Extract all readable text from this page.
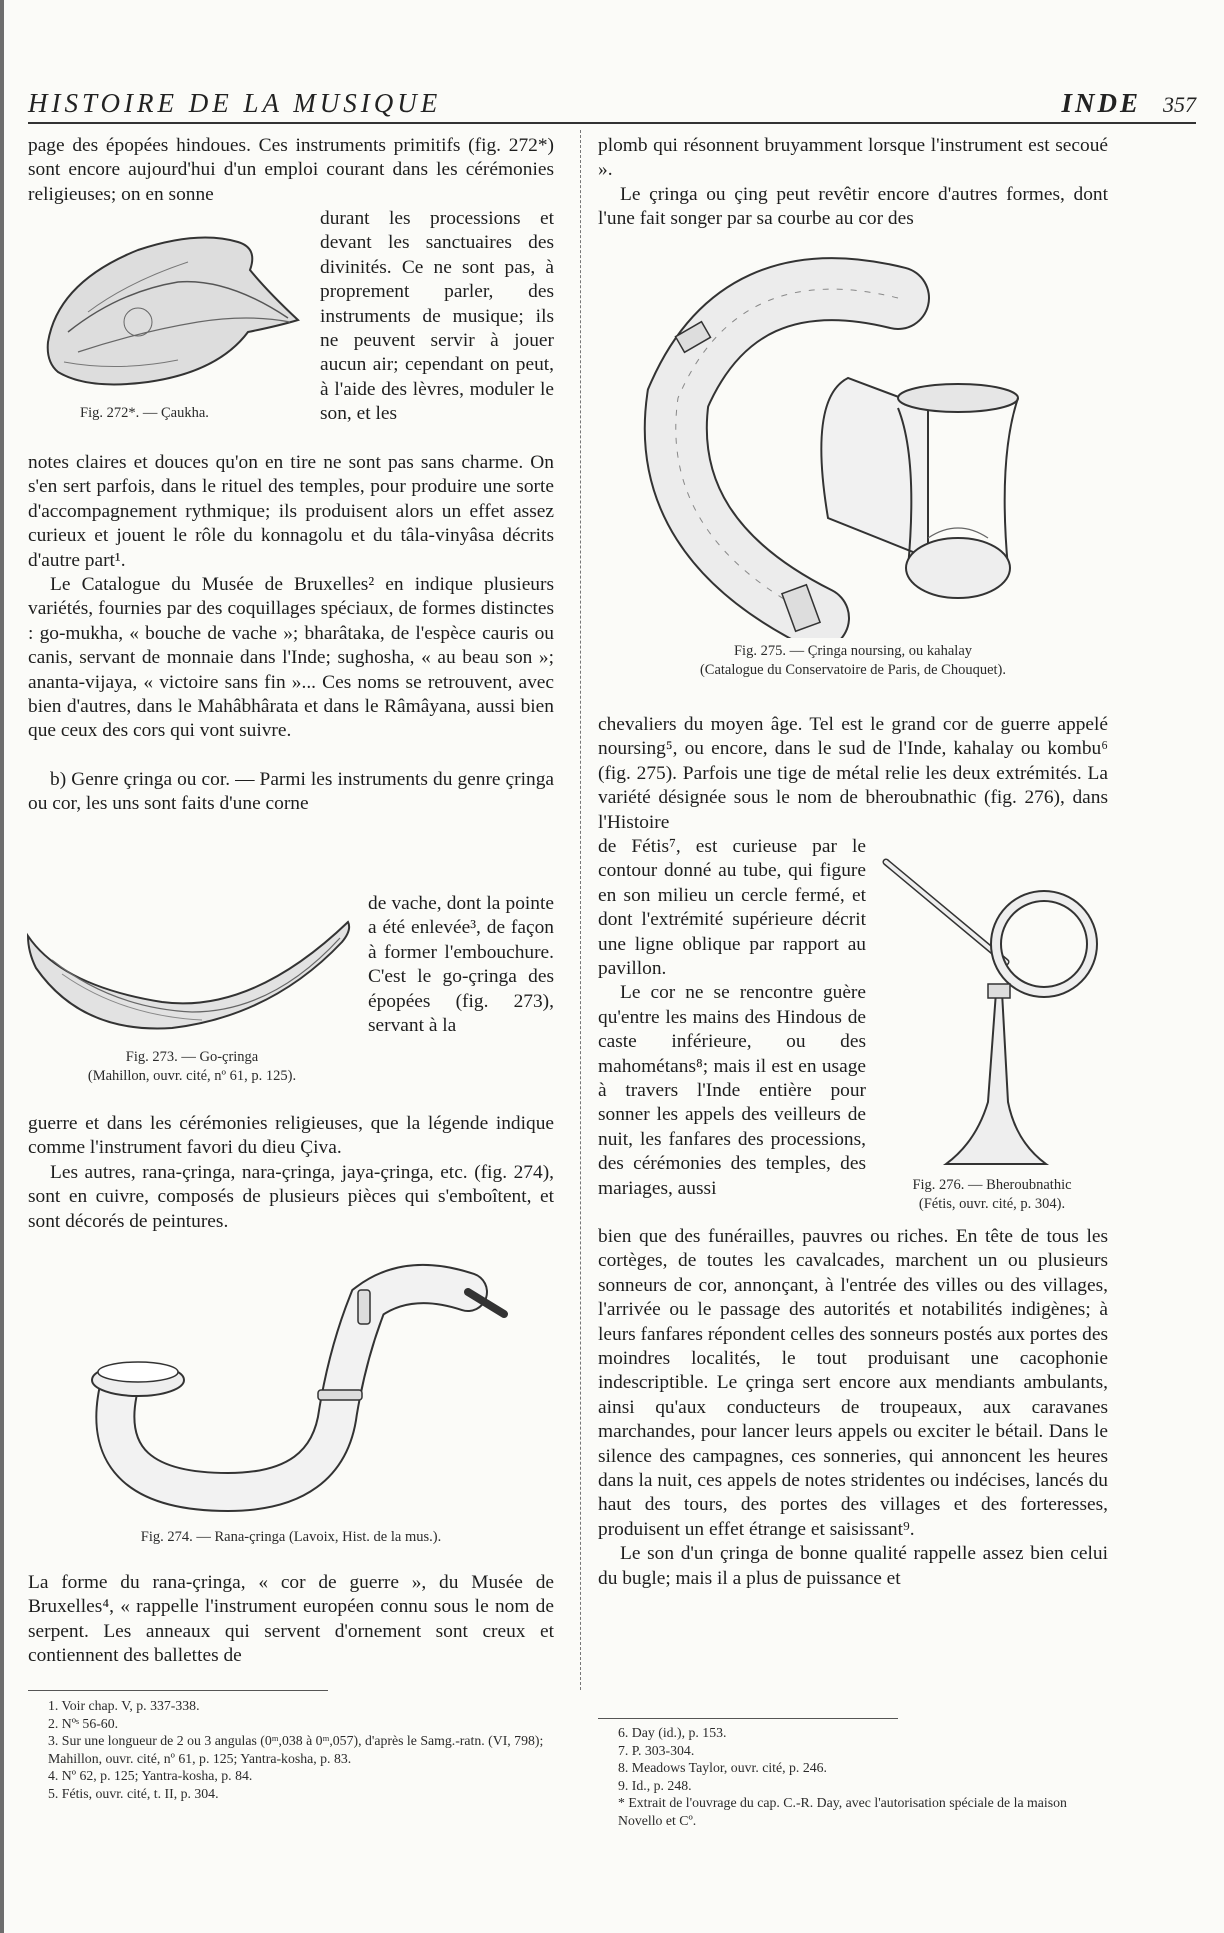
HISTOIRE DE LA MUSIQUE	INDE 357

page des épopées hindoues. Ces instruments primitifs (fig. 272*) sont encore aujourd'hui d'un emploi courant dans les cérémonies religieuses; on en sonne

Fig. 272*. — Çaukha.

durant les processions et devant les sanctuaires des divinités. Ce ne sont pas, à proprement parler, des instruments de musique; ils ne peuvent servir à jouer aucun air; cependant on peut, à l'aide des lèvres, moduler le son, et les

notes claires et douces qu'on en tire ne sont pas sans charme. On s'en sert parfois, dans le rituel des temples, pour produire une sorte d'accompagnement rythmique; ils produisent alors un effet assez curieux et jouent le rôle du konnagolu et du tâla-vinyâsa décrits d'autre part¹.

Le Catalogue du Musée de Bruxelles² en indique plusieurs variétés, fournies par des coquillages spéciaux, de formes distinctes : go-mukha, « bouche de vache »; bharâtaka, de l'espèce cauris ou canis, servant de monnaie dans l'Inde; sughosha, « au beau son »; ananta-vijaya, « victoire sans fin »... Ces noms se retrouvent, avec bien d'autres, dans le Mahâbhârata et dans le Râmâyana, aussi bien que ceux des cors qui vont suivre.

b) Genre çringa ou cor. — Parmi les instruments du genre çringa ou cor, les uns sont faits d'une corne

Fig. 273. — Go-çringa
(Mahillon, ouvr. cité, nº 61, p. 125).

de vache, dont la pointe a été enlevée³, de façon à former l'embouchure. C'est le go-çringa des épopées (fig. 273), servant à la

guerre et dans les cérémonies religieuses, que la légende indique comme l'instrument favori du dieu Çiva.

Les autres, rana-çringa, nara-çringa, jaya-çringa, etc. (fig. 274), sont en cuivre, composés de plusieurs pièces qui s'emboîtent, et sont décorés de peintures.

Fig. 274. — Rana-çringa (Lavoix, Hist. de la mus.).

La forme du rana-çringa, « cor de guerre », du Musée de Bruxelles⁴, « rappelle l'instrument européen connu sous le nom de serpent. Les anneaux qui servent d'ornement sont creux et contiennent des ballettes de

1. Voir chap. V, p. 337-338.
2. Nºˢ 56-60.
3. Sur une longueur de 2 ou 3 angulas (0ᵐ,038 à 0ᵐ,057), d'après le Samg.-ratn. (VI, 798); Mahillon, ouvr. cité, nº 61, p. 125; Yantra-kosha, p. 83.
4. Nº 62, p. 125; Yantra-kosha, p. 84.
5. Fétis, ouvr. cité, t. II, p. 304.

plomb qui résonnent bruyamment lorsque l'instrument est secoué ».

Le çringa ou çing peut revêtir encore d'autres formes, dont l'une fait songer par sa courbe au cor des

Fig. 275. — Çringa noursing, ou kahalay
(Catalogue du Conservatoire de Paris, de Chouquet).

chevaliers du moyen âge. Tel est le grand cor de guerre appelé noursing⁵, ou encore, dans le sud de l'Inde, kahalay ou kombu⁶ (fig. 275). Parfois une tige de métal relie les deux extrémités. La variété désignée sous le nom de bheroubnathic (fig. 276), dans l'Histoire

de Fétis⁷, est curieuse par le contour donné au tube, qui figure en son milieu un cercle fermé, et dont l'extrémité supérieure décrit une ligne oblique par rapport au pavillon.

Le cor ne se rencontre guère qu'entre les mains des Hindous de caste inférieure, ou des mahométans⁸; mais il est en usage à travers l'Inde entière pour sonner les appels des veilleurs de nuit, les fanfares des processions, des cérémonies des temples, des mariages, aussi	Fig. 276. — Bheroubnathic
(Fétis, ouvr. cité, p. 304).

bien que des funérailles, pauvres ou riches. En tête de tous les cortèges, de toutes les cavalcades, marchent un ou plusieurs sonneurs de cor, annonçant, à l'entrée des villes ou des villages, l'arrivée ou le passage des autorités et notabilités indigènes; à leurs fanfares répondent celles des sonneurs postés aux portes des moindres localités, le tout produisant une cacophonie indescriptible. Le çringa sert encore aux mendiants ambulants, ainsi qu'aux conducteurs de troupeaux, aux caravanes marchandes, pour lancer leurs appels ou exciter le bétail. Dans le silence des campagnes, ces sonneries, qui annoncent les heures dans la nuit, ces appels de notes stridentes ou indécises, lancés du haut des tours, des portes des villages et des forteresses, produisent un effet étrange et saisissant⁹.

Le son d'un çringa de bonne qualité rappelle assez bien celui du bugle; mais il a plus de puissance et

6. Day (id.), p. 153.
7. P. 303-304.
8. Meadows Taylor, ouvr. cité, p. 246.
9. Id., p. 248.
* Extrait de l'ouvrage du cap. C.-R. Day, avec l'autorisation spéciale de la maison Novello et Cº.
